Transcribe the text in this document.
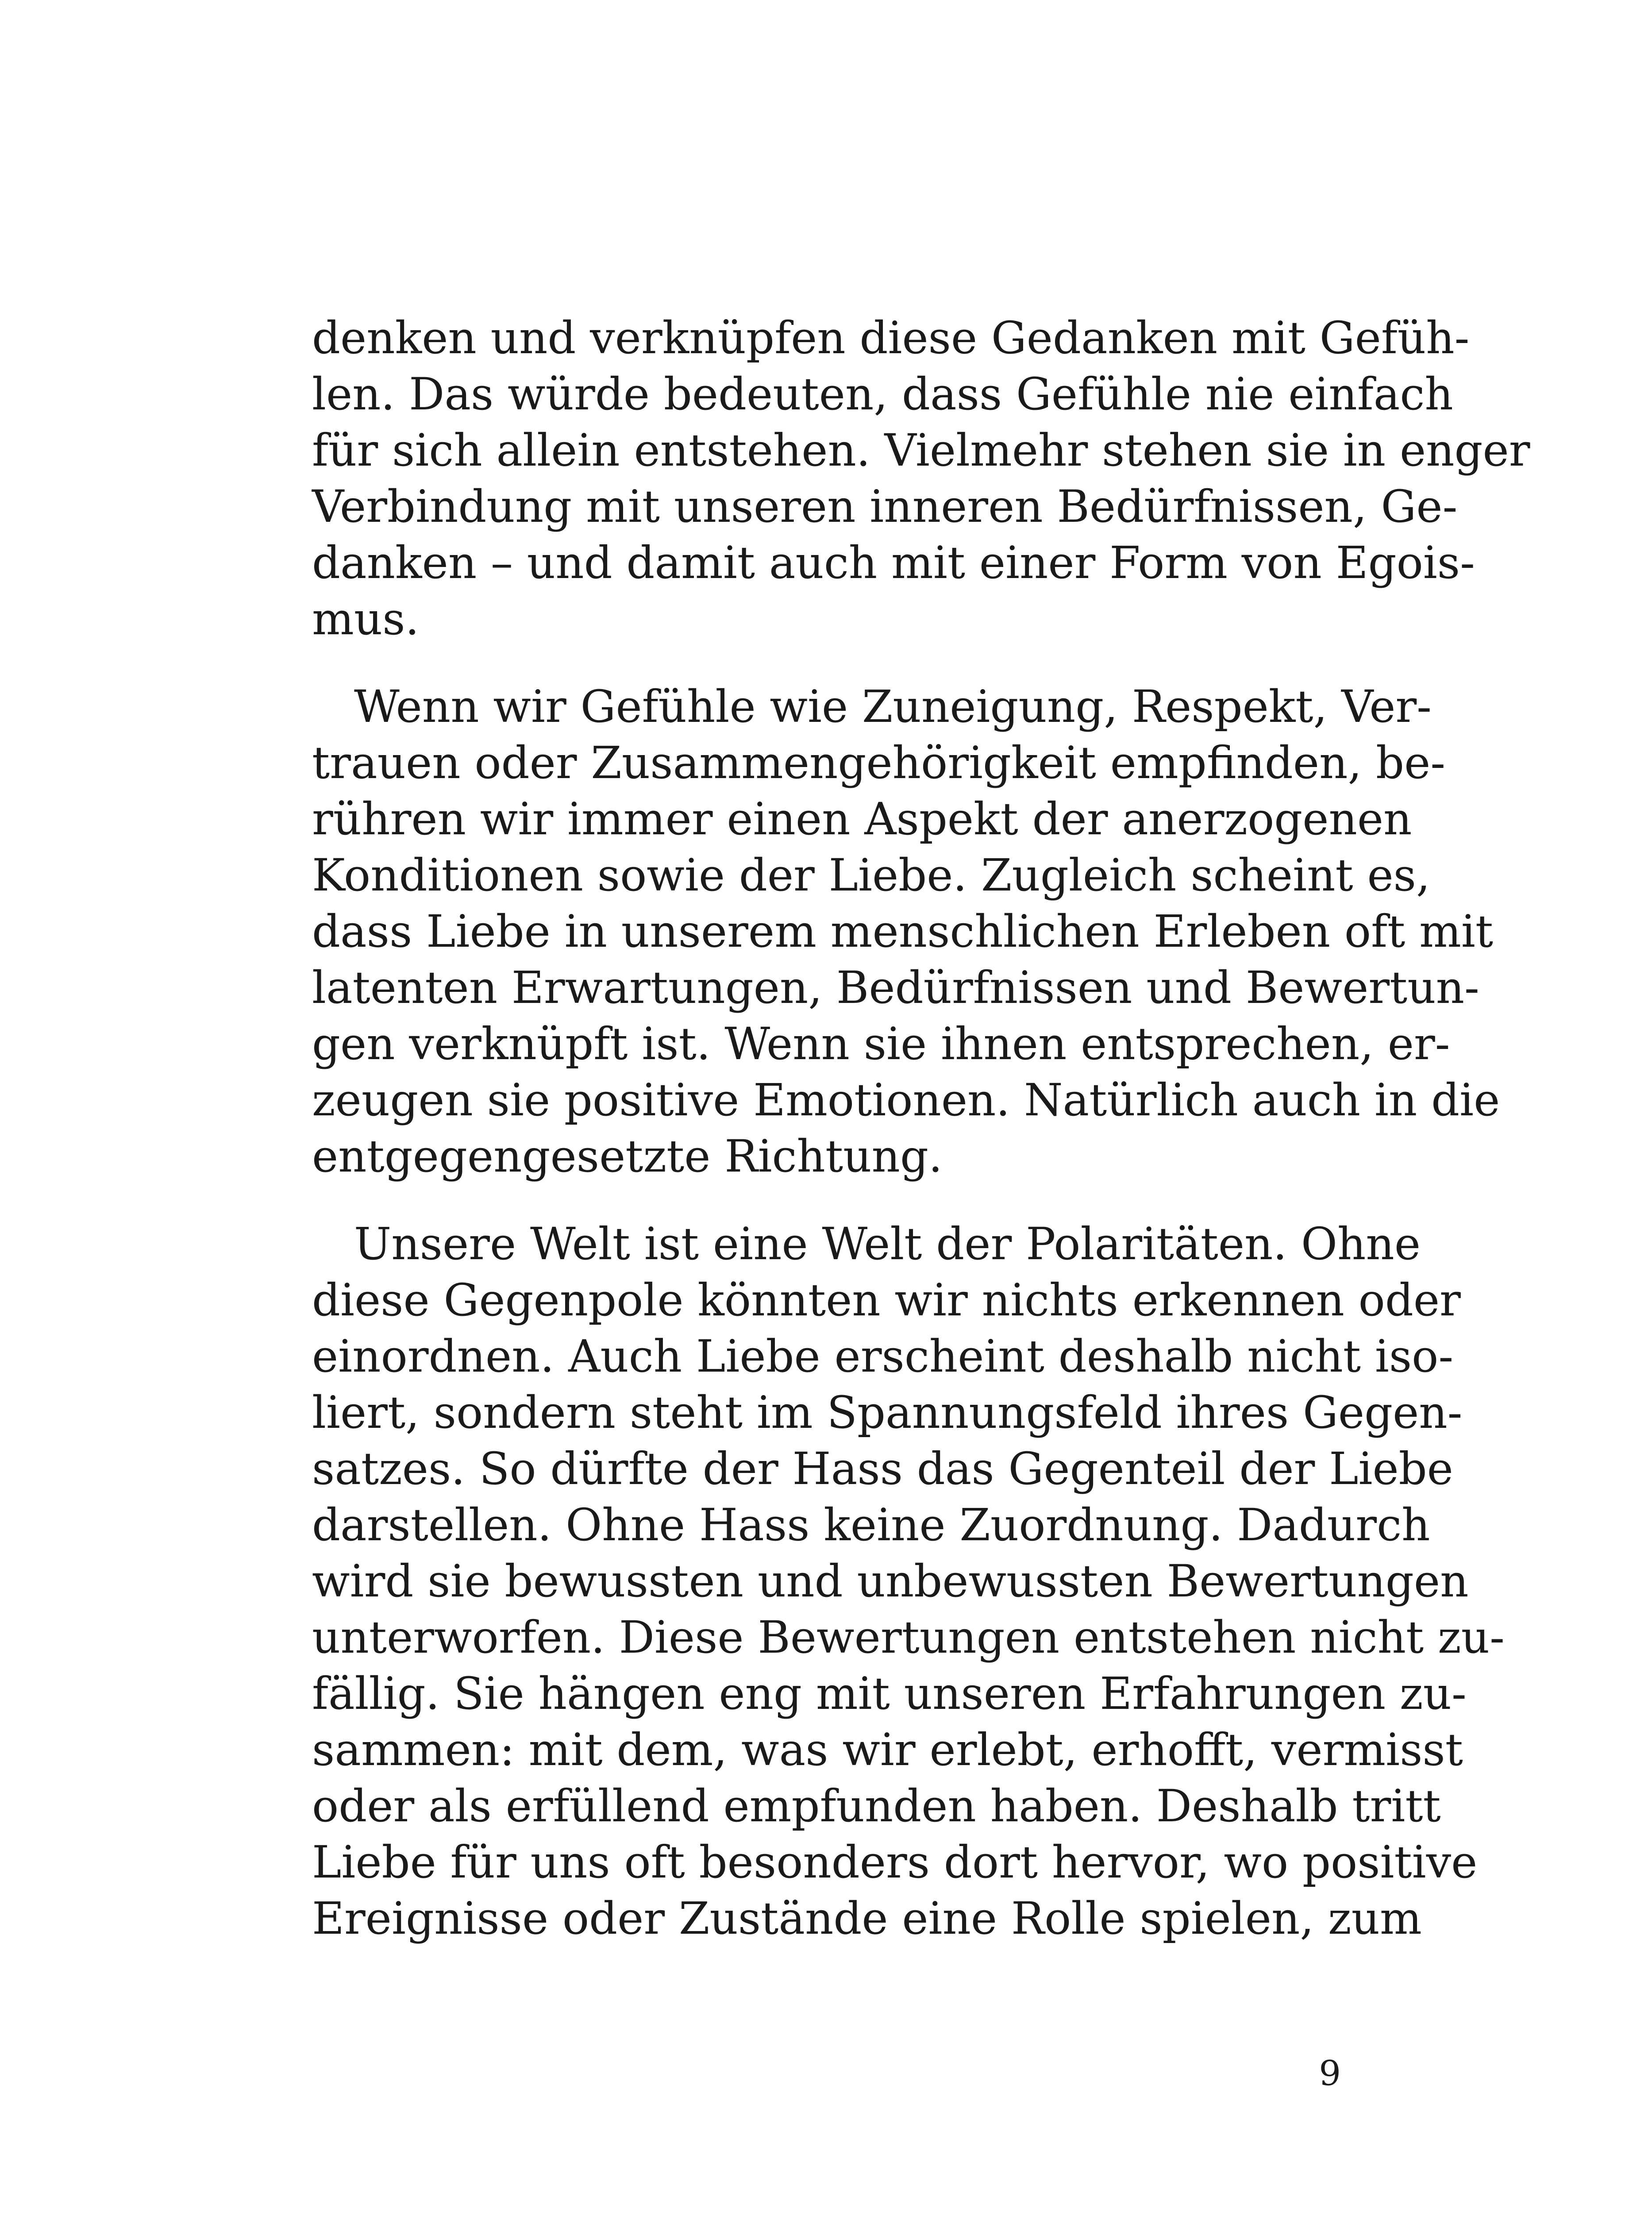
denken und verknüpfen diese Gedanken mit Gefüh-
len. Das würde bedeuten, dass Gefühle nie einfach
für sich allein entstehen. Vielmehr stehen sie in enger
Verbindung mit unseren inneren Bedürfnissen, Ge-
danken – und damit auch mit einer Form von Egois-
mus.

Wenn wir Gefühle wie Zuneigung, Respekt, Ver-
trauen oder Zusammengehörigkeit empfinden, be-
rühren wir immer einen Aspekt der anerzogenen
Konditionen sowie der Liebe. Zugleich scheint es,
dass Liebe in unserem menschlichen Erleben oft mit
latenten Erwartungen, Bedürfnissen und Bewertun-
gen verknüpft ist. Wenn sie ihnen entsprechen, er-
zeugen sie positive Emotionen. Natürlich auch in die
entgegengesetzte Richtung.

Unsere Welt ist eine Welt der Polaritäten. Ohne
diese Gegenpole könnten wir nichts erkennen oder
einordnen. Auch Liebe erscheint deshalb nicht iso-
liert, sondern steht im Spannungsfeld ihres Gegen-
satzes. So dürfte der Hass das Gegenteil der Liebe
darstellen. Ohne Hass keine Zuordnung. Dadurch
wird sie bewussten und unbewussten Bewertungen
unterworfen. Diese Bewertungen entstehen nicht zu-
fällig. Sie hängen eng mit unseren Erfahrungen zu-
sammen: mit dem, was wir erlebt, erhofft, vermisst
oder als erfüllend empfunden haben. Deshalb tritt
Liebe für uns oft besonders dort hervor, wo positive
Ereignisse oder Zustände eine Rolle spielen, zum

9
